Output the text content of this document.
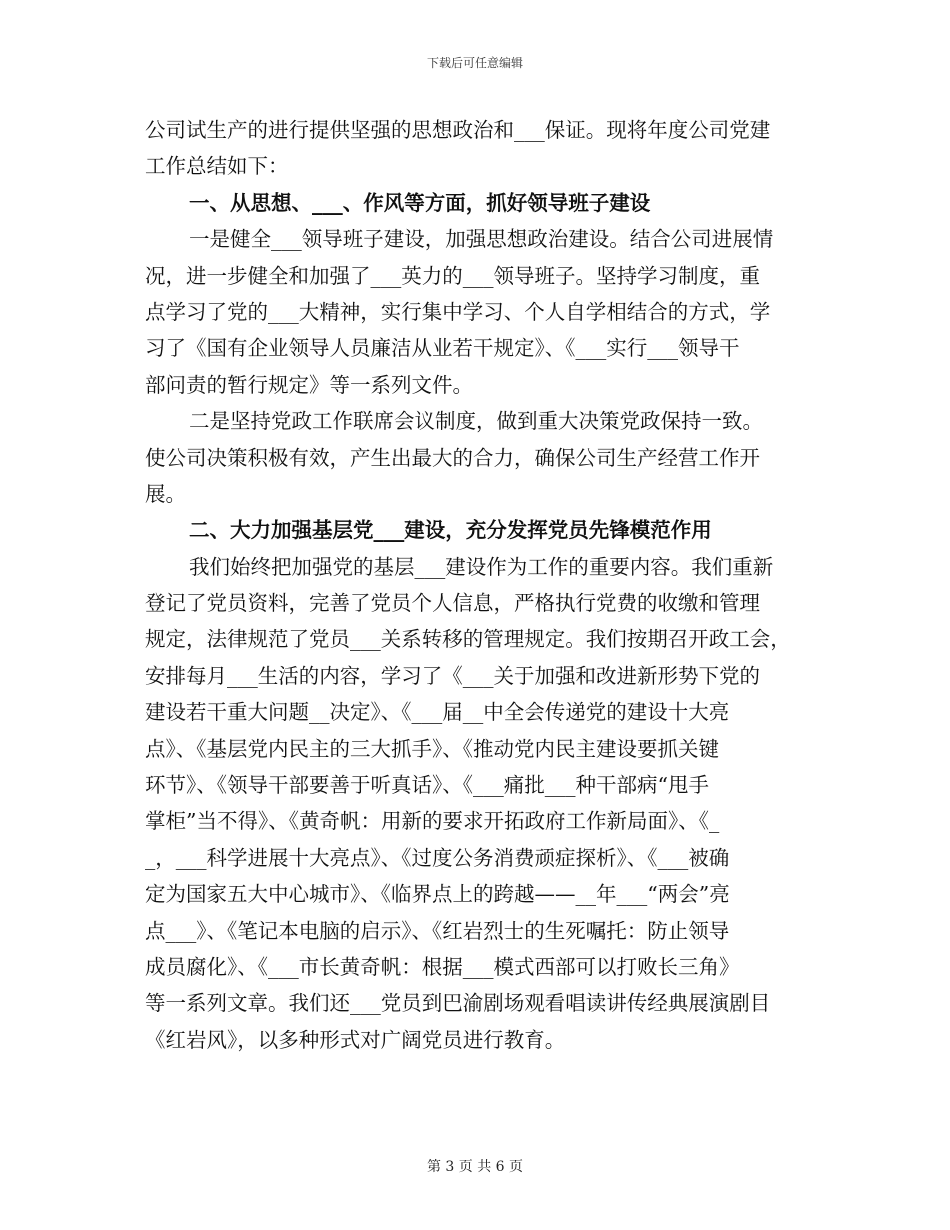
下载后可任意编辑
公司试生产的进行提供坚强的思想政治和___保证。现将年度公司党建
工作总结如下：
一、从思想、___、作风等方面，抓好领导班子建设
一是健全___领导班子建设，加强思想政治建设。结合公司进展情
况，进一步健全和加强了___英力的___领导班子。坚持学习制度，重
点学习了党的___大精神，实行集中学习、个人自学相结合的方式，学
习了《国有企业领导人员廉洁从业若干规定》、《___实行___领导干
部问责的暂行规定》等一系列文件。
二是坚持党政工作联席会议制度，做到重大决策党政保持一致。
使公司决策积极有效，产生出最大的合力，确保公司生产经营工作开
展。
二、大力加强基层党___建设，充分发挥党员先锋模范作用
我们始终把加强党的基层___建设作为工作的重要内容。我们重新
登记了党员资料，完善了党员个人信息，严格执行党费的收缴和管理
规定，法律规范了党员___关系转移的管理规定。我们按期召开政工会，
安排每月___生活的内容，学习了《___关于加强和改进新形势下党的
建设若干重大问题__决定》、《___届__中全会传递党的建设十大亮
点》、《基层党内民主的三大抓手》、《推动党内民主建设要抓关键
环节》、《领导干部要善于听真话》、《___痛批___种干部病“甩手
掌柜”当不得》、《黄奇帆：用新的要求开拓政府工作新局面》、《_
_，___科学进展十大亮点》、《过度公务消费顽症探析》、《___被确
定为国家五大中心城市》、《临界点上的跨越——__年___“两会”亮
点___》、《笔记本电脑的启示》、《红岩烈士的生死嘱托：防止领导
成员腐化》、《___市长黄奇帆：根据___模式西部可以打败长三角》
等一系列文章。我们还___党员到巴渝剧场观看唱读讲传经典展演剧目
《红岩风》，以多种形式对广阔党员进行教育。
第 3 页 共 6 页
